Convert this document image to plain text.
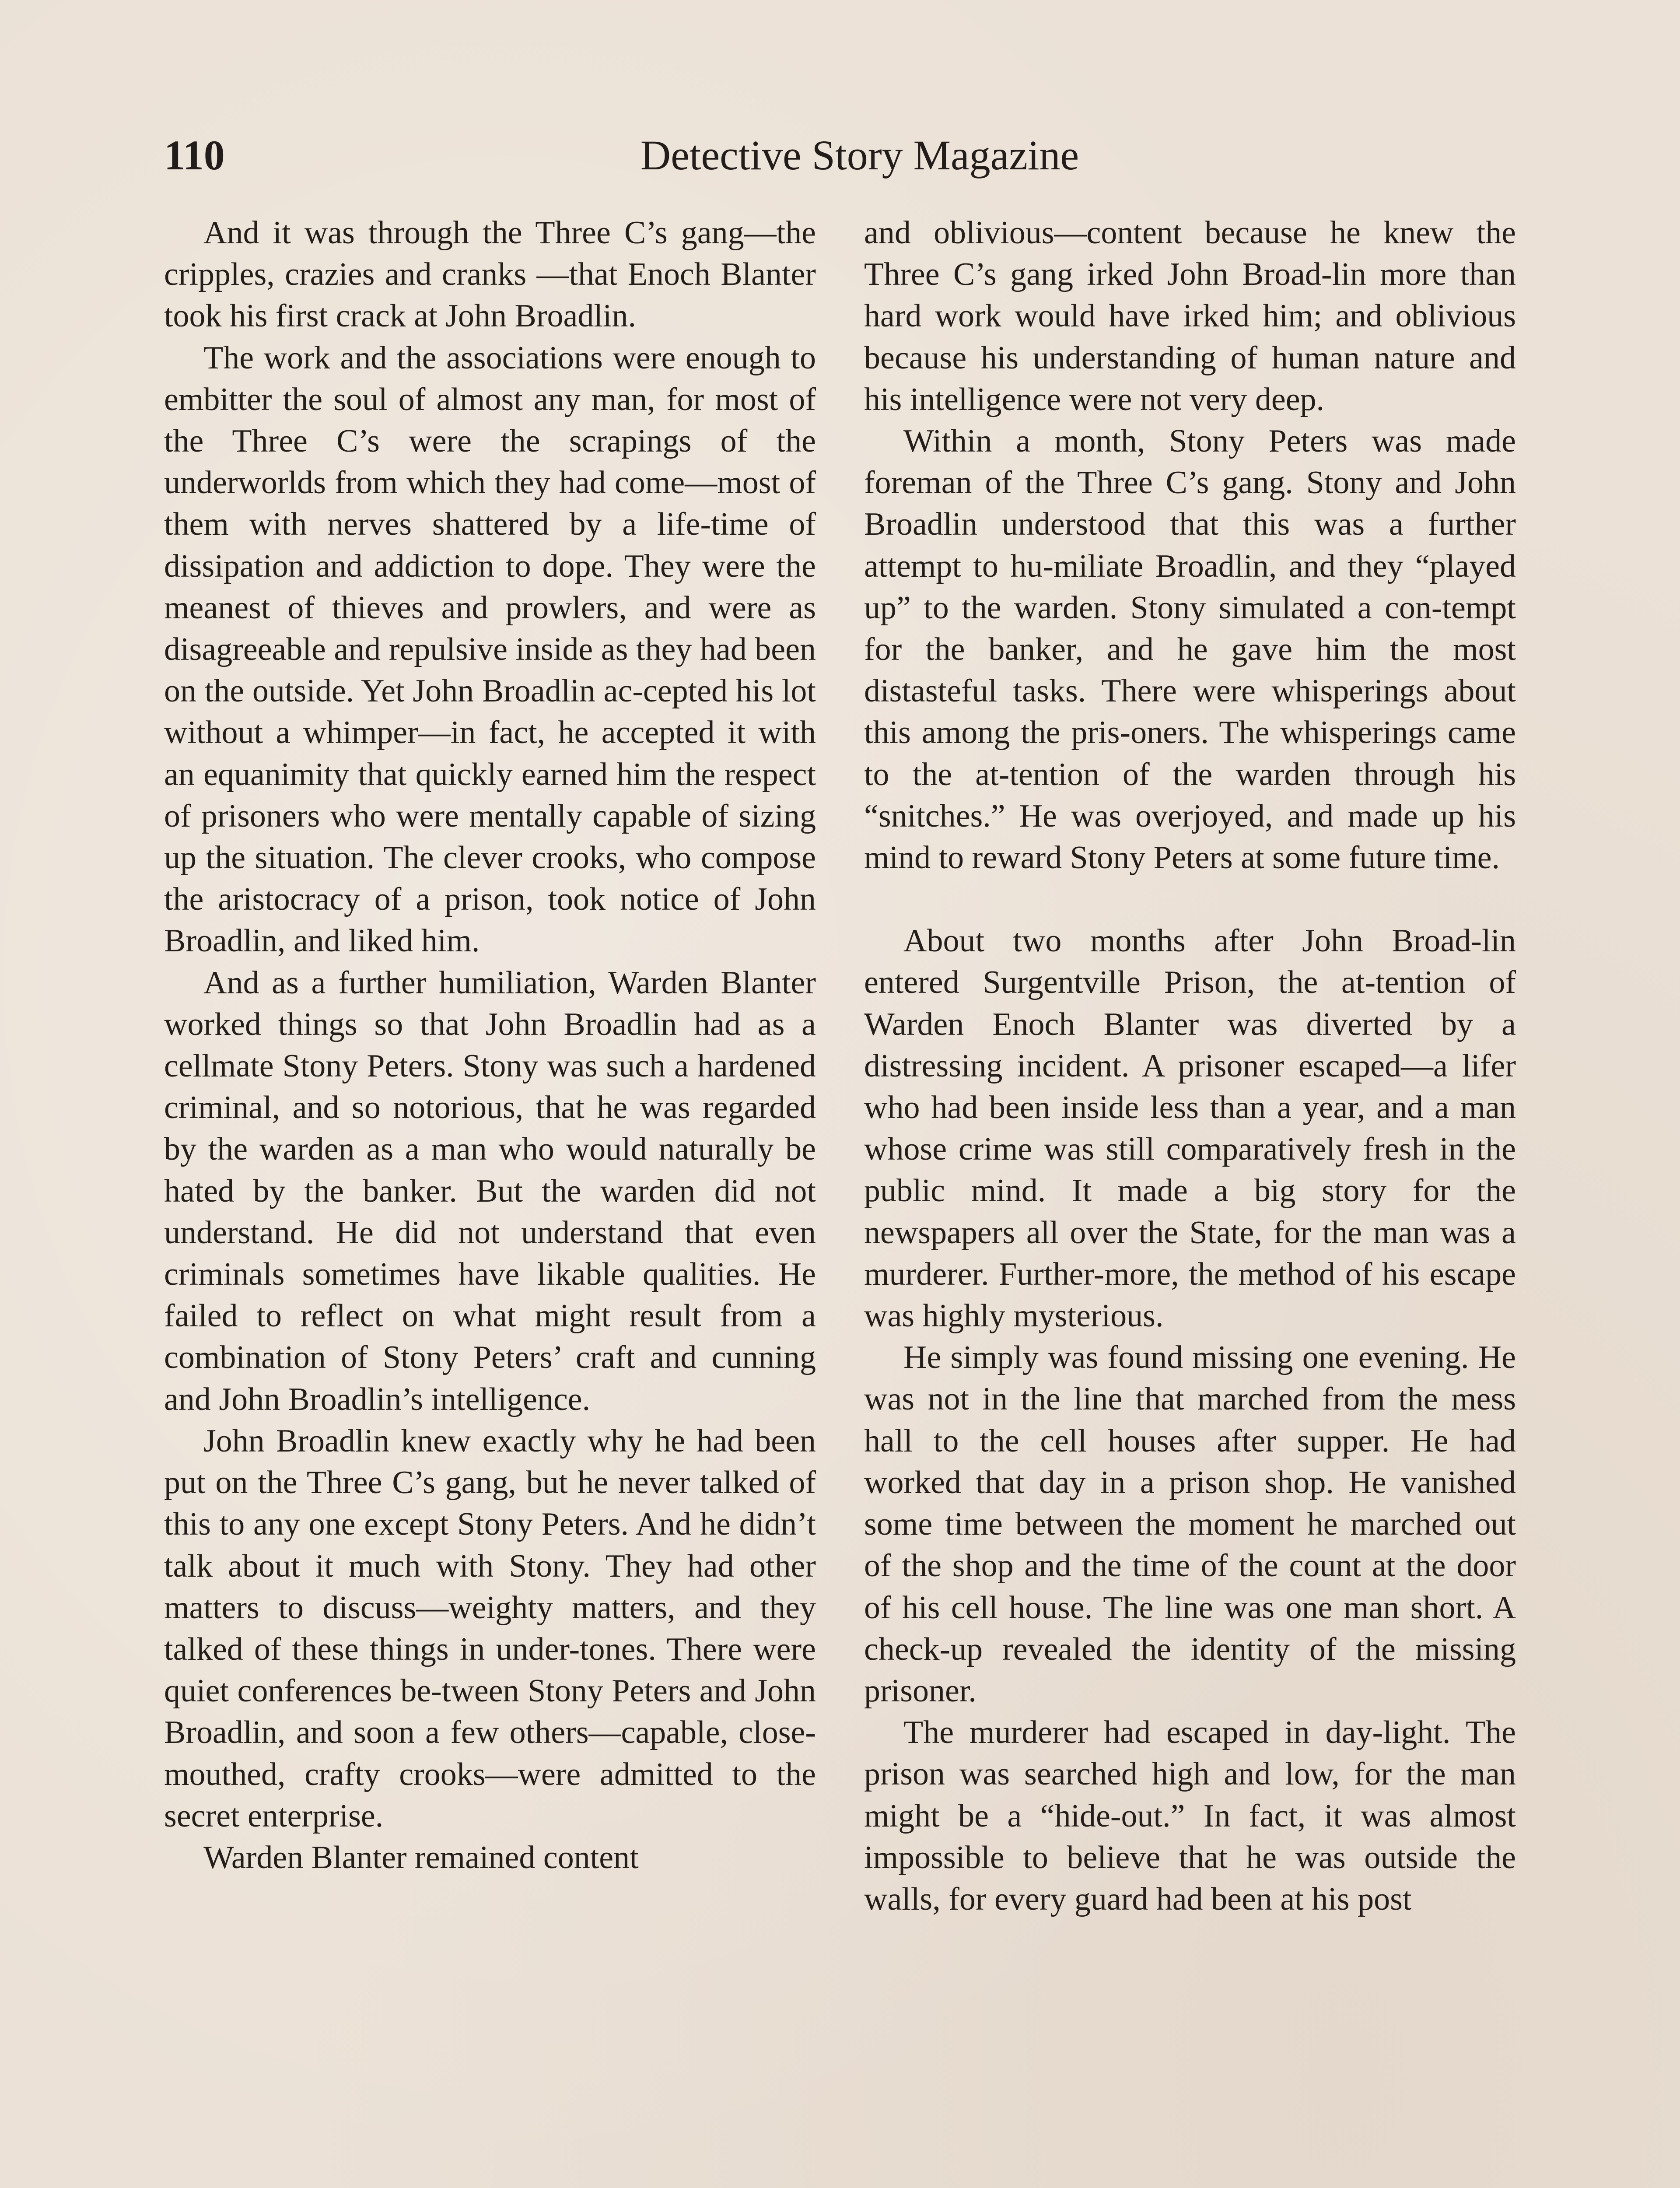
110	Detective Story Magazine

And it was through the Three C’s gang—the cripples, crazies and cranks —that Enoch Blanter took his first crack at John Broadlin.

The work and the associations were enough to embitter the soul of almost any man, for most of the Three C’s were the scrapings of the underworlds from which they had come—most of them with nerves shattered by a life-time of dissipation and addiction to dope. They were the meanest of thieves and prowlers, and were as disagreeable and repulsive inside as they had been on the outside. Yet John Broadlin ac-cepted his lot without a whimper—in fact, he accepted it with an equanimity that quickly earned him the respect of prisoners who were mentally capable of sizing up the situation. The clever crooks, who compose the aristocracy of a prison, took notice of John Broadlin, and liked him.

And as a further humiliation, Warden Blanter worked things so that John Broadlin had as a cellmate Stony Peters. Stony was such a hardened criminal, and so notorious, that he was regarded by the warden as a man who would naturally be hated by the banker. But the warden did not understand. He did not understand that even criminals sometimes have likable qualities. He failed to reflect on what might result from a combination of Stony Peters’ craft and cunning and John Broadlin’s intelligence.

John Broadlin knew exactly why he had been put on the Three C’s gang, but he never talked of this to any one except Stony Peters. And he didn’t talk about it much with Stony. They had other matters to discuss—weighty matters, and they talked of these things in under-tones. There were quiet conferences be-tween Stony Peters and John Broadlin, and soon a few others—capable, close-mouthed, crafty crooks—were admitted to the secret enterprise.

Warden Blanter remained content

and oblivious—content because he knew the Three C’s gang irked John Broad-lin more than hard work would have irked him; and oblivious because his understanding of human nature and his intelligence were not very deep.

Within a month, Stony Peters was made foreman of the Three C’s gang. Stony and John Broadlin understood that this was a further attempt to hu-miliate Broadlin, and they “played up” to the warden. Stony simulated a con-tempt for the banker, and he gave him the most distasteful tasks. There were whisperings about this among the pris-oners. The whisperings came to the at-tention of the warden through his “snitches.” He was overjoyed, and made up his mind to reward Stony Peters at some future time.

About two months after John Broad-lin entered Surgentville Prison, the at-tention of Warden Enoch Blanter was diverted by a distressing incident. A prisoner escaped—a lifer who had been inside less than a year, and a man whose crime was still comparatively fresh in the public mind. It made a big story for the newspapers all over the State, for the man was a murderer. Further-more, the method of his escape was highly mysterious.

He simply was found missing one evening. He was not in the line that marched from the mess hall to the cell houses after supper. He had worked that day in a prison shop. He vanished some time between the moment he marched out of the shop and the time of the count at the door of his cell house. The line was one man short. A check-up revealed the identity of the missing prisoner.

The murderer had escaped in day-light. The prison was searched high and low, for the man might be a “hide-out.” In fact, it was almost impossible to believe that he was outside the walls, for every guard had been at his post
